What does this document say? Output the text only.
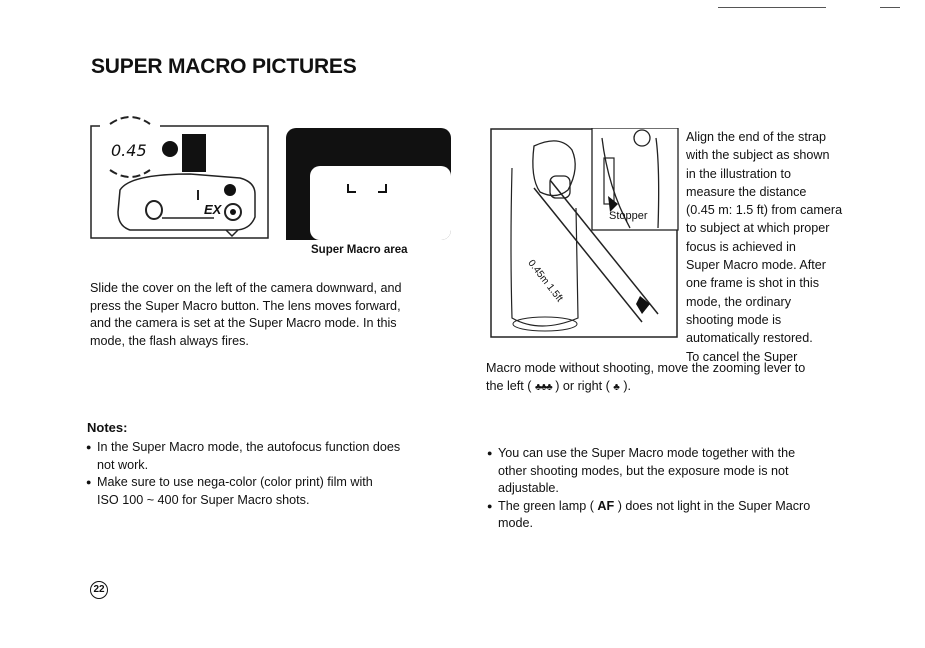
SUPER MACRO PICTURES
0.45
EX
Super Macro area
Slide the cover on the left of the camera downward, and
press the Super Macro button. The lens moves forward,
and the camera is set at the Super Macro mode. In this
mode, the flash always fires.
Notes:
● In the Super Macro mode, the autofocus function does
not work.
● Make sure to use nega-color (color print) film with
ISO 100 ~ 400 for Super Macro shots.
Stopper
0.45m 1.5ft
Align the end of the strap
with the subject as shown
in the illustration to
measure the distance
(0.45 m: 1.5 ft) from camera
to subject at which proper
focus is achieved in
Super Macro mode. After
one frame is shot in this
mode, the ordinary
shooting mode is
automatically restored.
To cancel the Super
Macro mode without shooting, move the zooming lever to
the left ( ♣♣♣ ) or right ( ♣ ).
● You can use the Super Macro mode together with the
other shooting modes, but the exposure mode is not
adjustable.
● The green lamp ( AF ) does not light in the Super Macro
mode.
22
